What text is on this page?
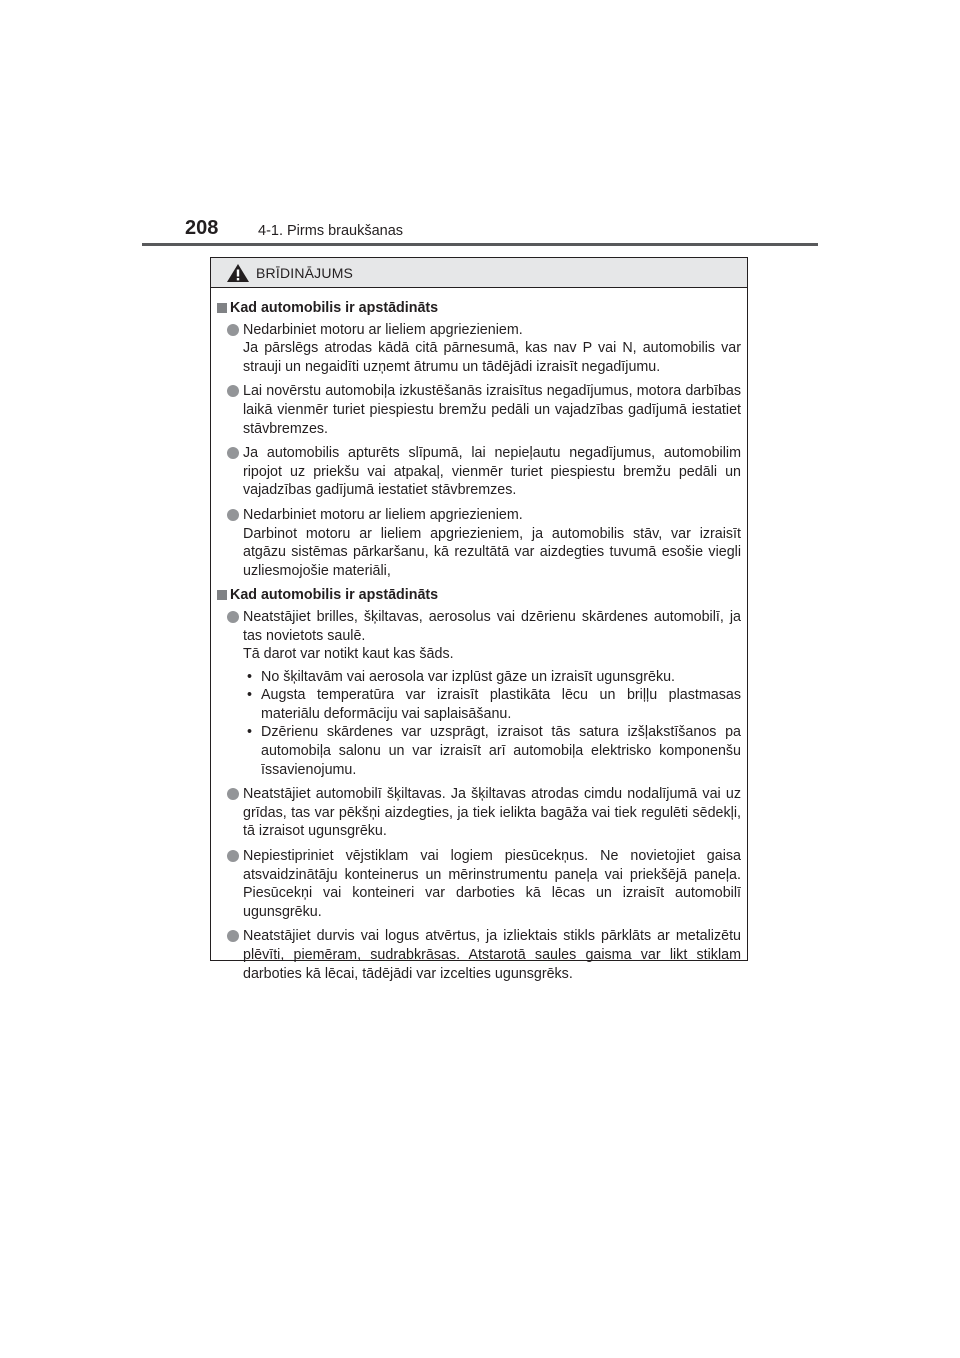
208	4-1. Pirms braukšanas
BRĪDINĀJUMS
Kad automobilis ir apstādināts

Nedarbiniet motoru ar lieliem apgriezieniem.

Ja pārslēgs atrodas kādā citā pārnesumā, kas nav P vai N, automobilis var strauji un negaidīti uzņemt ātrumu un tādējādi izraisīt negadījumu.

Lai novērstu automobiļa izkustēšanās izraisītus negadījumus, motora darbības laikā vienmēr turiet piespiestu bremžu pedāli un vajadzības gadījumā iestatiet stāvbremzes.

Ja automobilis apturēts slīpumā, lai nepieļautu negadījumus, automobilim ripojot uz priekšu vai atpakaļ, vienmēr turiet piespiestu bremžu pedāli un vajadzības gadījumā iestatiet stāvbremzes.

Nedarbiniet motoru ar lieliem apgriezieniem.

Darbinot motoru ar lieliem apgriezieniem, ja automobilis stāv, var izraisīt atgāzu sistēmas pārkaršanu, kā rezultātā var aizdegties tuvumā esošie viegli uzliesmojošie materiāli,

Kad automobilis ir apstādināts

Neatstājiet brilles, šķiltavas, aerosolus vai dzērienu skārdenes automobilī, ja tas novietots saulē.

Tā darot var notikt kaut kas šāds.

• No šķiltavām vai aerosola var izplūst gāze un izraisīt ugunsgrēku.
• Augsta temperatūra var izraisīt plastikāta lēcu un briļļu plastmasas materiālu deformāciju vai saplaisāšanu.
• Dzērienu skārdenes var uzsprāgt, izraisot tās satura izšļakstīšanos pa automobiļa salonu un var izraisīt arī automobiļa elektrisko komponenšu īssavienojumu.

Neatstājiet automobilī šķiltavas. Ja šķiltavas atrodas cimdu nodalījumā vai uz grīdas, tas var pēkšņi aizdegties, ja tiek ielikta bagāža vai tiek regulēti sēdekļi, tā izraisot ugunsgrēku.

Nepiestipriniet vējstiklam vai logiem piesūcekņus. Ne novietojiet gaisa atsvaidzinātāju konteinerus un mērinstrumentu paneļa vai priekšējā paneļa. Piesūcekņi vai konteineri var darboties kā lēcas un izraisīt automobilī ugunsgrēku.

Neatstājiet durvis vai logus atvērtus, ja izliektais stikls pārklāts ar metalizētu plēvīti, piemēram, sudrabkrāsas. Atstarotā saules gaisma var likt stiklam darboties kā lēcai, tādējādi var izcelties ugunsgrēks.
